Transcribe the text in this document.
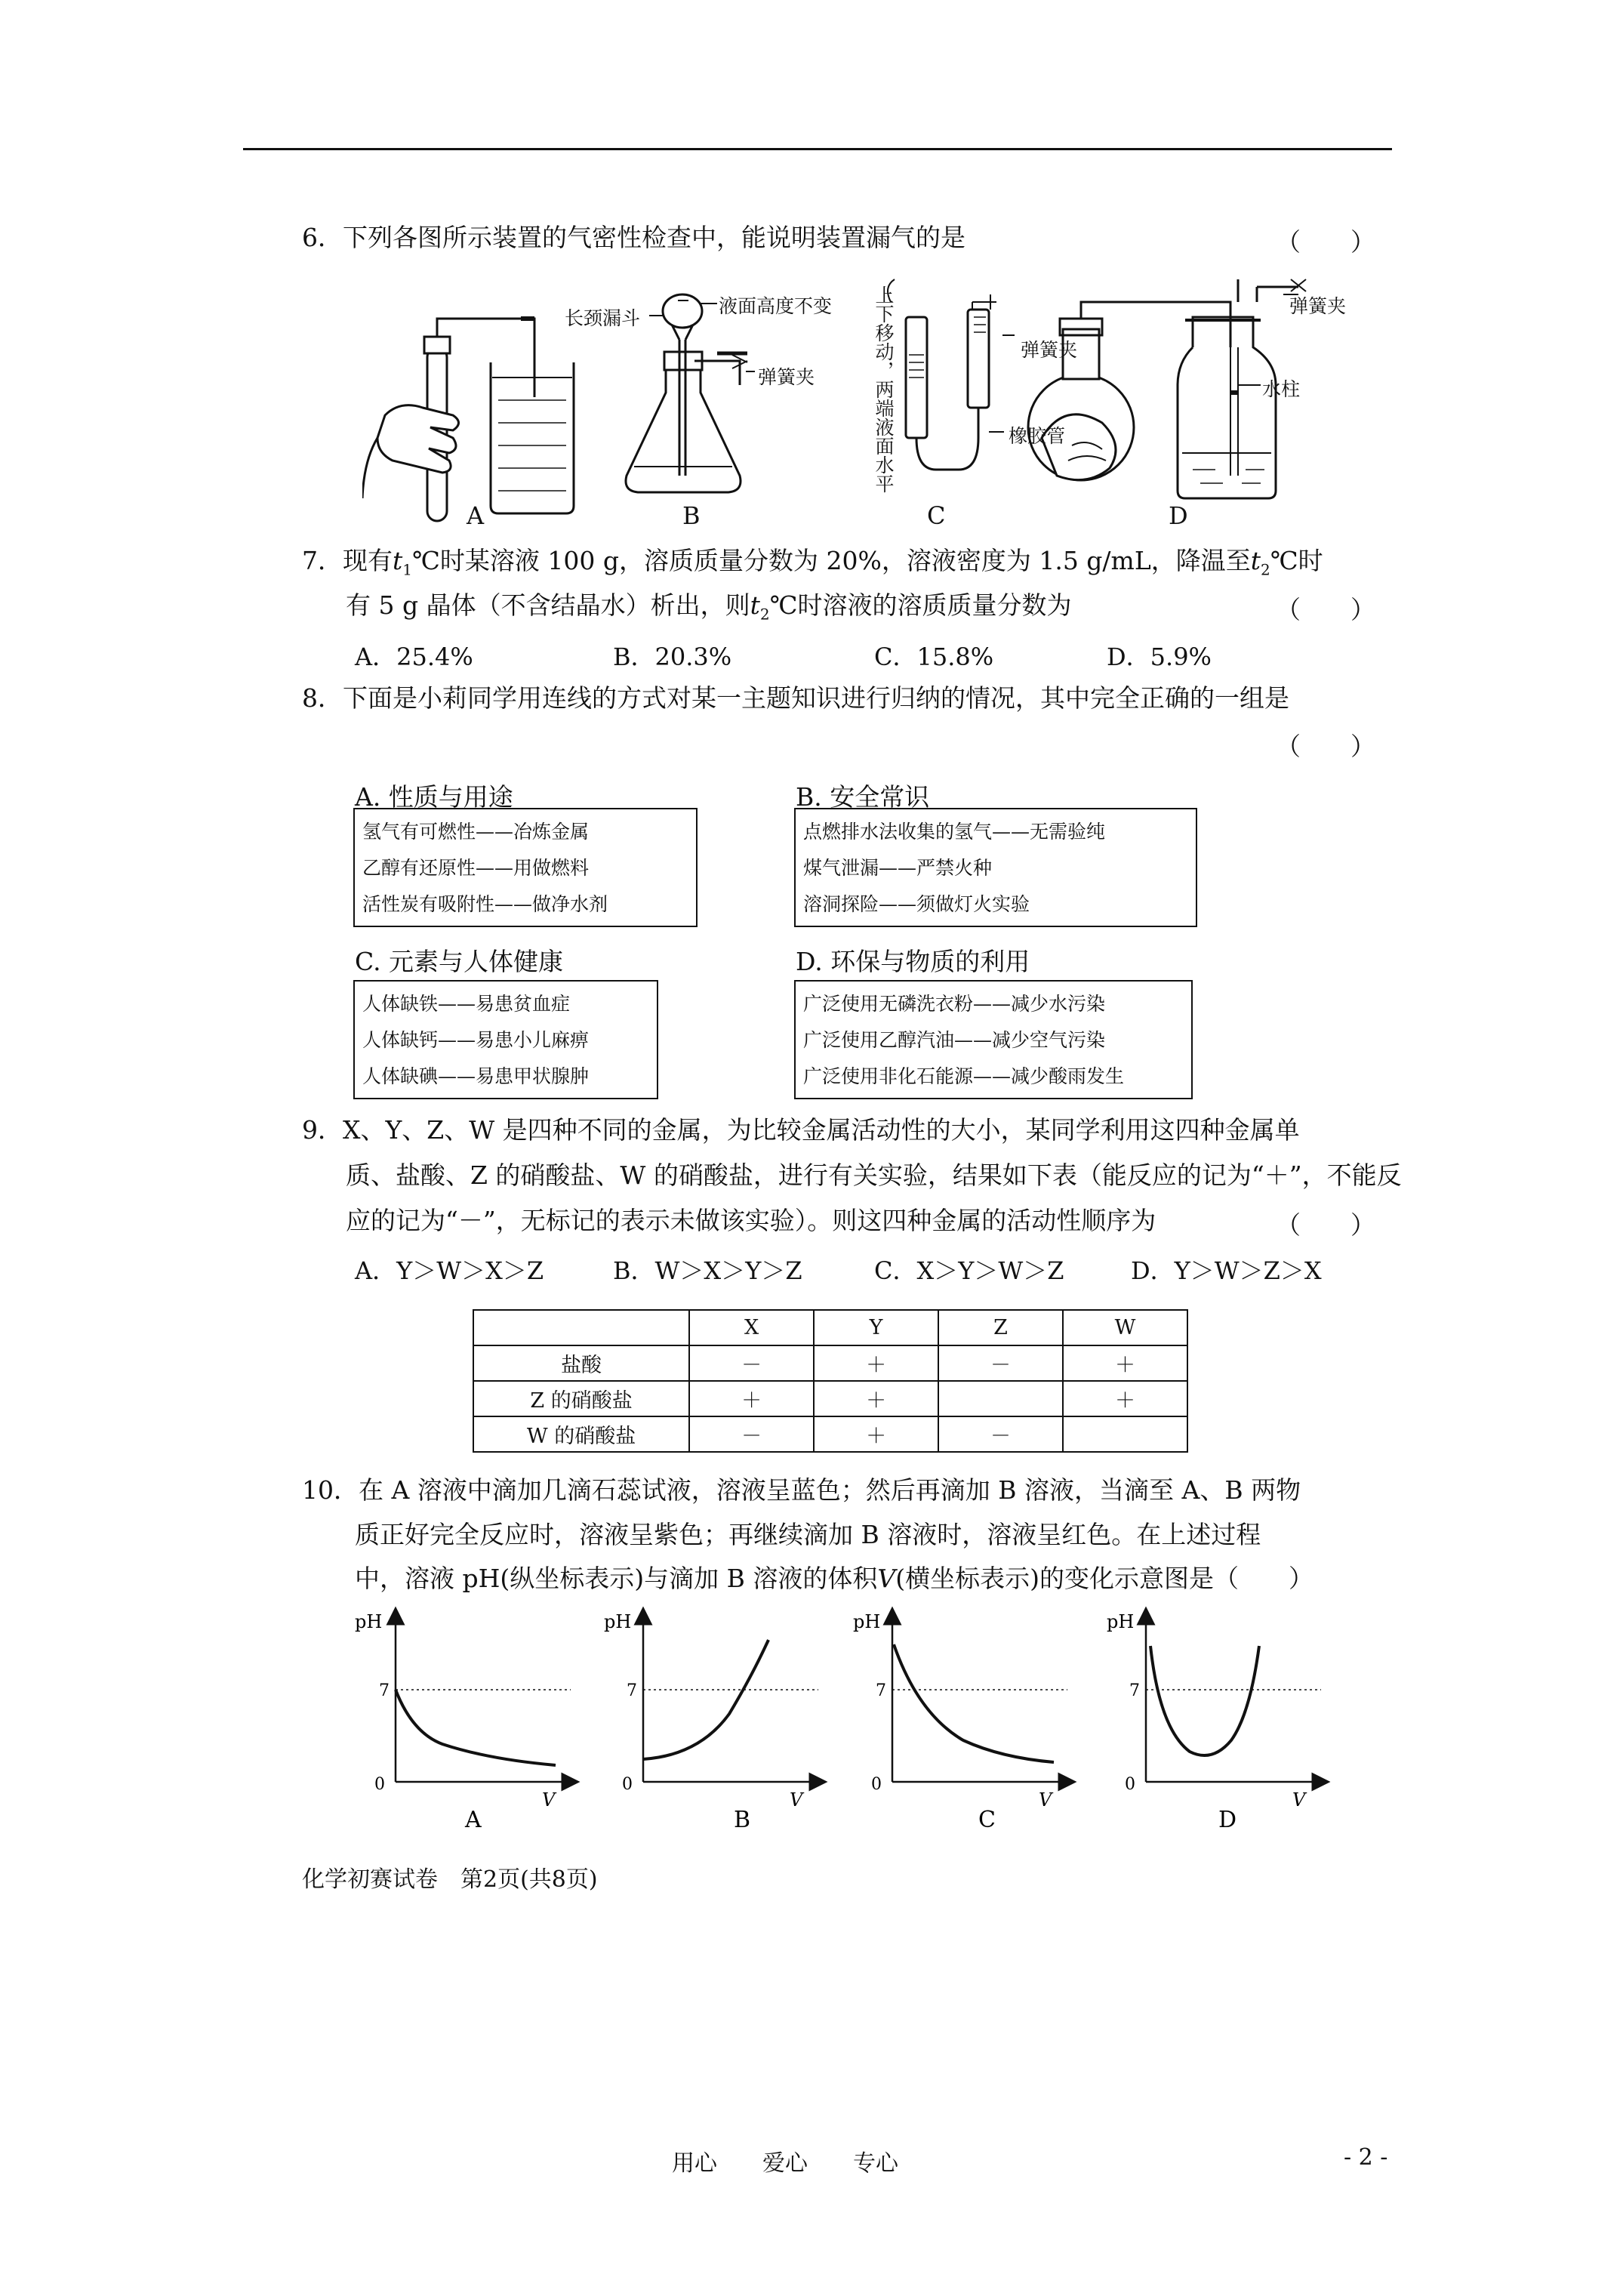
6．下列各图所示装置的气密性检查中，能说明装置漏气的是	（　　）
长颈漏斗
液面高度不变
弹簧夹	上下移动，两端液面水平	弹簧夹
橡胶管
弹簧夹
水柱
A	B	C	D
7．现有$t_1℃$时某溶液 100 g，溶质质量分数为 20%，溶液密度为 1.5 g/mL，降温至$t_2℃$时
有 5 g 晶体（不含结晶水）析出，则$t_2℃$时溶液的溶质质量分数为	（　　）
A．25.4%	B．20.3%	C．15.8%	D．5.9%
8．下面是小莉同学用连线的方式对某一主题知识进行归纳的情况，其中完全正确的一组是
（　　）
A. 性质与用途
氢气有可燃性——冶炼金属
乙醇有还原性——用做燃料
活性炭有吸附性——做净水剂
B. 安全常识
点燃排水法收集的氢气——无需验纯
煤气泄漏——严禁火种
溶洞探险——须做灯火实验
C. 元素与人体健康
人体缺铁——易患贫血症
人体缺钙——易患小儿麻痹
人体缺碘——易患甲状腺肿
D. 环保与物质的利用
广泛使用无磷洗衣粉——减少水污染
广泛使用乙醇汽油——减少空气污染
广泛使用非化石能源——减少酸雨发生
9．X、Y、Z、W 是四种不同的金属，为比较金属活动性的大小，某同学利用这四种金属单
质、盐酸、Z 的硝酸盐、W 的硝酸盐，进行有关实验，结果如下表（能反应的记为“＋”，不能反
应的记为“－”，无标记的表示未做该实验）。则这四种金属的活动性顺序为	（　　）
A．Y＞W＞X＞Z	B．W＞X＞Y＞Z	C．X＞Y＞W＞Z	D．Y＞W＞Z＞X
	X	Y	Z	W
盐酸	－	＋	－	＋
Z 的硝酸盐	＋	＋		＋
W 的硝酸盐	－	＋	－	
10．在 A 溶液中滴加几滴石蕊试液，溶液呈蓝色；然后再滴加 B 溶液，当滴至 A、B 两物
质正好完全反应时，溶液呈紫色；再继续滴加 B 溶液时，溶液呈红色。在上述过程
中，溶液 pH(纵坐标表示)与滴加 B 溶液的体积V(横坐标表示)的变化示意图是（　　）
pH
7
0
V
A
pH
7
0
V
B
pH
7
0
V
C
pH
7
0
V
D
化学初赛试卷　第2页(共8页)
用心　　爱心　　专心	- 2 -
